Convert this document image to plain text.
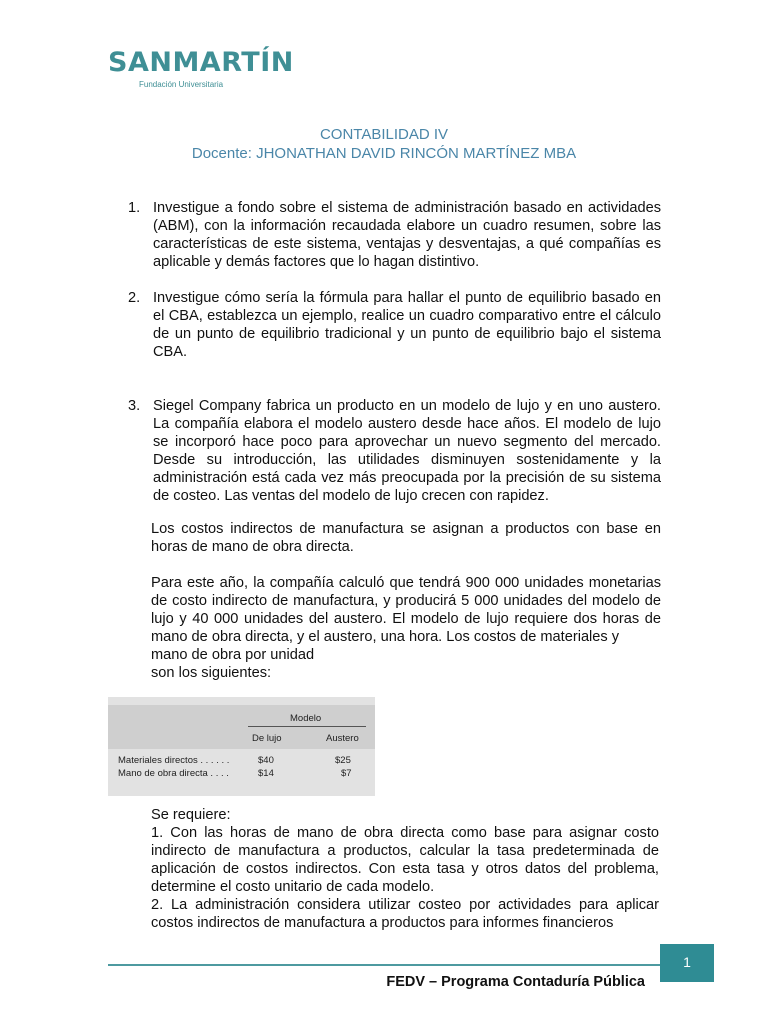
SANMARTÍN
Fundación Universitaria
CONTABILIDAD IV
Docente: JHONATHAN DAVID RINCÓN MARTÍNEZ MBA
1. Investigue a fondo sobre el sistema de administración basado en actividades (ABM), con la información recaudada elabore un cuadro resumen, sobre las características de este sistema, ventajas y desventajas, a qué compañías es aplicable y demás factores que lo hagan distintivo.
2. Investigue cómo sería la fórmula para hallar el punto de equilibrio basado en el CBA, establezca un ejemplo, realice un cuadro comparativo entre el cálculo de un punto de equilibrio tradicional y un punto de equilibrio bajo el sistema CBA.
3. Siegel Company fabrica un producto en un modelo de lujo y en uno austero. La compañía elabora el modelo austero desde hace años. El modelo de lujo se incorporó hace poco para aprovechar un nuevo segmento del mercado. Desde su introducción, las utilidades disminuyen sostenidamente y la administración está cada vez más preocupada por la precisión de su sistema de costeo. Las ventas del modelo de lujo crecen con rapidez.
Los costos indirectos de manufactura se asignan a productos con base en horas de mano de obra directa.
Para este año, la compañía calculó que tendrá 900 000 unidades monetarias de costo indirecto de manufactura, y producirá 5 000 unidades del modelo de lujo y 40 000 unidades del austero. El modelo de lujo requiere dos horas de mano de obra directa, y el austero, una hora. Los costos de materiales y
mano de obra por unidad
son los siguientes:
Modelo
De lujo	Austero
Materiales directos . . . . . .	$40	$25
Mano de obra directa . . . .	$14	$7
Se requiere:
1. Con las horas de mano de obra directa como base para asignar costo indirecto de manufactura a productos, calcular la tasa predeterminada de aplicación de costos indirectos. Con esta tasa y otros datos del problema, determine el costo unitario de cada modelo.
2. La administración considera utilizar costeo por actividades para aplicar costos indirectos de manufactura a productos para informes financieros
1
FEDV – Programa Contaduría Pública
